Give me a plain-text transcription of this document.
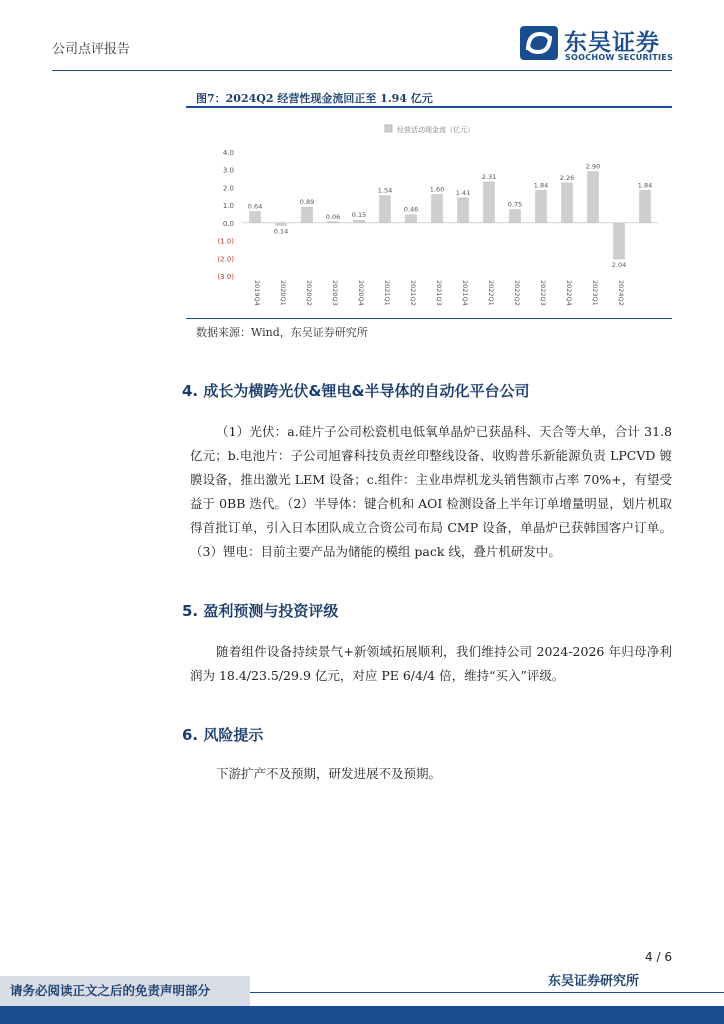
公司点评报告	东吴证券
SOOCHOW SECURITIES
图7：2024Q2 经营性现金流回正至 1.94 亿元
经营活动现金流（亿元）
4.0
3.0
2.0
1.0
0.0
(1.0)
(2.0)
(3.0)
0.64
0.14
0.89
0.06 0.15
1.54
0.46
1.60 1.41
2.31
0.75
1.84
2.26
2.90
2.04
1.84
2019Q4	2020Q1	2020Q2	2020Q3	2020Q4	2021Q1	2021Q2	2021Q3	2021Q4	2022Q1	2022Q2	2022Q3	2022Q4	2023Q1	2024Q2
数据来源：Wind，东吴证券研究所
4. 成长为横跨光伏&锂电&半导体的自动化平台公司

（1）光伏：a.硅片子公司松瓷机电低氧单晶炉已获晶科、天合等大单，合计 31.8 亿元；b.电池片：子公司旭睿科技负责丝印整线设备、收购普乐新能源负责 LPCVD 镀膜设备，推出激光 LEM 设备；c.组件：主业串焊机龙头销售额市占率 70%+，有望受益于 0BB 迭代。（2）半导体：键合机和 AOI 检测设备上半年订单增量明显，划片机取得首批订单，引入日本团队成立合资公司布局 CMP 设备，单晶炉已获韩国客户订单。（3）锂电：目前主要产品为储能的模组 pack 线，叠片机研发中。

5. 盈利预测与投资评级

随着组件设备持续景气+新领域拓展顺利，我们维持公司 2024-2026 年归母净利润为 18.4/23.5/29.9 亿元，对应 PE 6/4/4 倍，维持“买入”评级。

6. 风险提示

下游扩产不及预期，研发进展不及预期。

4 / 6
东吴证券研究所
请务必阅读正文之后的免责声明部分
